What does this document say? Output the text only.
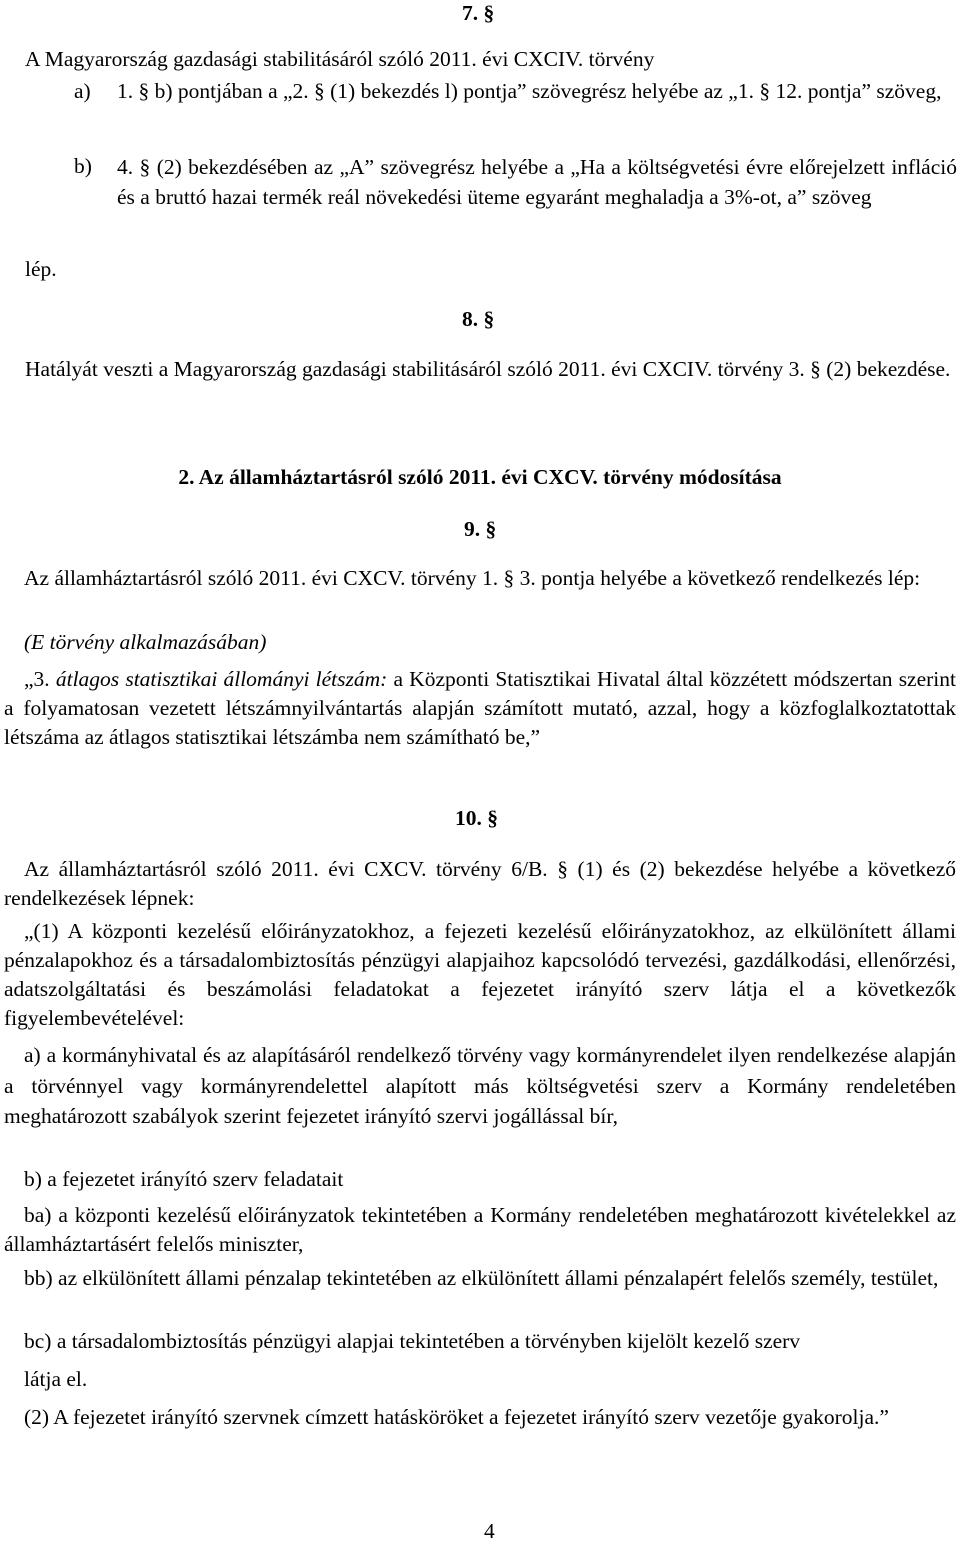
7. §
A Magyarország gazdasági stabilitásáról szóló 2011. évi CXCIV. törvény
a) 1. § b) pontjában a „2. § (1) bekezdés l) pontja” szövegrész helyébe az „1. § 12. pontja” szöveg,
b) 4. § (2) bekezdésében az „A” szövegrész helyébe a „Ha a költségvetési évre előrejelzett infláció és a bruttó hazai termék reál növekedési üteme egyaránt meghaladja a 3%-ot, a” szöveg
lép.
8. §
Hatályát veszti a Magyarország gazdasági stabilitásáról szóló 2011. évi CXCIV. törvény 3. § (2) bekezdése.
2. Az államháztartásról szóló 2011. évi CXCV. törvény módosítása
9. §
Az államháztartásról szóló 2011. évi CXCV. törvény 1. § 3. pontja helyébe a következő rendelkezés lép:
(E törvény alkalmazásában)
„3. átlagos statisztikai állományi létszám: a Központi Statisztikai Hivatal által közzétett módszertan szerint a folyamatosan vezetett létszámnyilvántartás alapján számított mutató, azzal, hogy a közfoglalkoztatottak létszáma az átlagos statisztikai létszámba nem számítható be,”
10. §
Az államháztartásról szóló 2011. évi CXCV. törvény 6/B. § (1) és (2) bekezdése helyébe a következő rendelkezések lépnek:
„(1) A központi kezelésű előirányzatokhoz, a fejezeti kezelésű előirányzatokhoz, az elkülönített állami pénzalapokhoz és a társadalombiztosítás pénzügyi alapjaihoz kapcsolódó tervezési, gazdálkodási, ellenőrzési, adatszolgáltatási és beszámolási feladatokat a fejezetet irányító szerv látja el a következők figyelembevételével:
a) a kormányhivatal és az alapításáról rendelkező törvény vagy kormányrendelet ilyen rendelkezése alapján a törvénnyel vagy kormányrendelettel alapított más költségvetési szerv a Kormány rendeletében meghatározott szabályok szerint fejezetet irányító szervi jogállással bír,
b) a fejezetet irányító szerv feladatait
ba) a központi kezelésű előirányzatok tekintetében a Kormány rendeletében meghatározott kivételekkel az államháztartásért felelős miniszter,
bb) az elkülönített állami pénzalap tekintetében az elkülönített állami pénzalapért felelős személy, testület,
bc) a társadalombiztosítás pénzügyi alapjai tekintetében a törvényben kijelölt kezelő szerv
látja el.
(2) A fejezetet irányító szervnek címzett hatásköröket a fejezetet irányító szerv vezetője gyakorolja.”
4
